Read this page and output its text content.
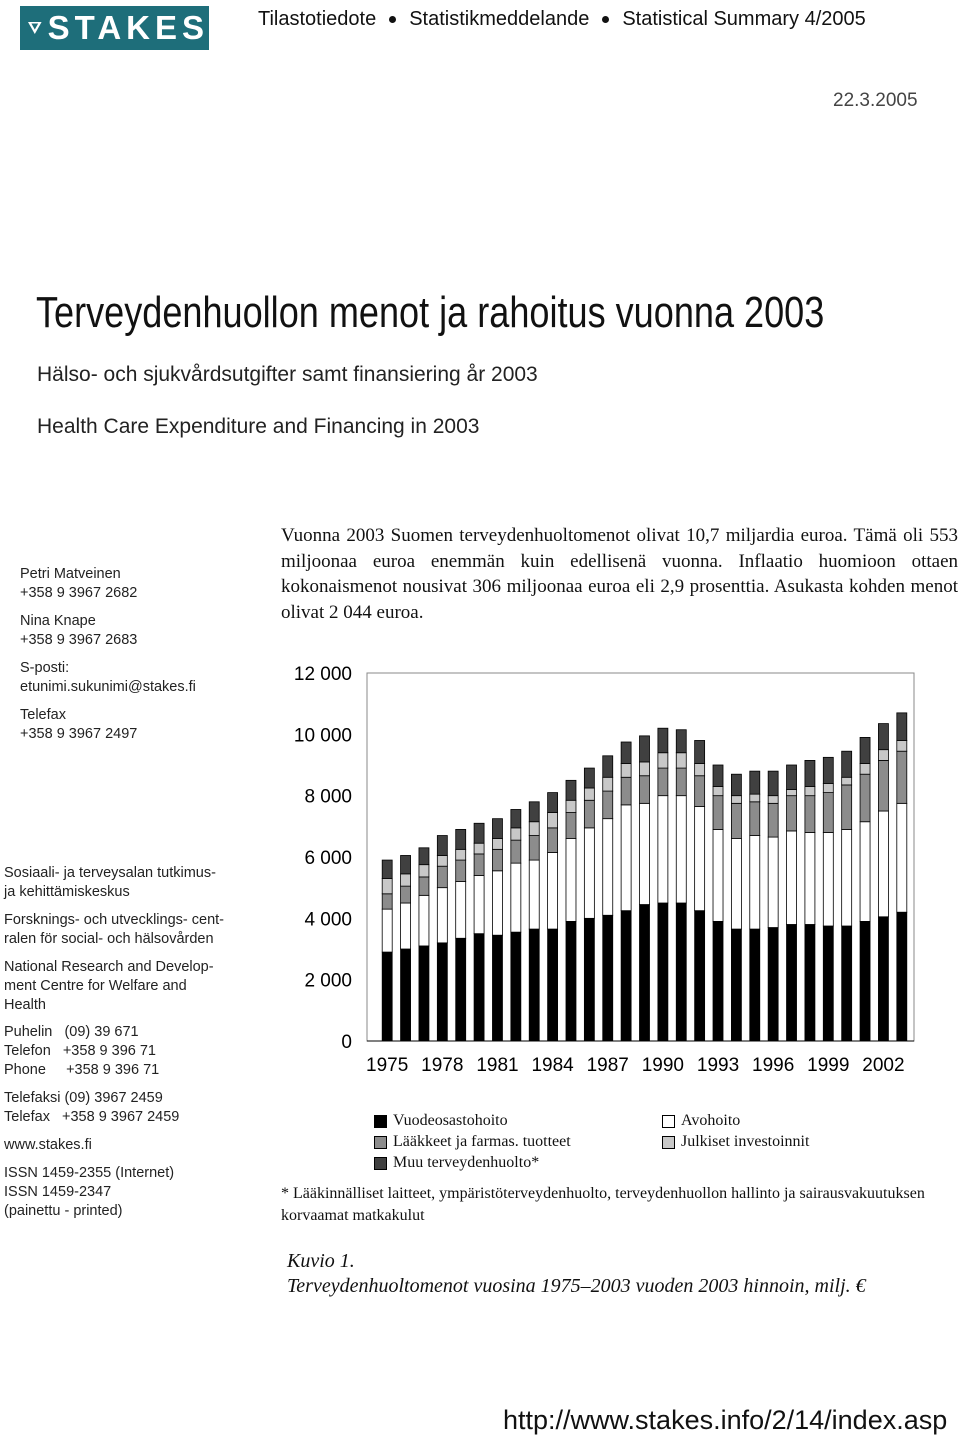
STAKES Tilastotiedote Statistikmeddelande Statistical Summary 4/2005
22.3.2005
Terveydenhuollon menot ja rahoitus vuonna 2003
Hälso- och sjukvårdsutgifter samt finansiering år 2003
Health Care Expenditure and Financing in 2003
Petri Matveinen
+358 9 3967 2682
Nina Knape
+358 9 3967 2683
S-posti:
etunimi.sukunimi@stakes.fi
Telefax
+358 9 3967 2497
Sosiaali- ja terveysalan tutkimus-
ja kehittämiskeskus
Forsknings- och utvecklings- cent-
ralen för social- och hälsovården
National Research and Develop-
ment Centre for Welfare and
Health
Puhelin   (09) 39 671
Telefon   +358 9 396 71
Phone     +358 9 396 71
Telefaksi (09) 3967 2459
Telefax   +358 9 3967 2459
www.stakes.fi
ISSN 1459-2355 (Internet)
ISSN 1459-2347
(painettu - printed)
Vuonna 2003 Suomen terveydenhuoltomenot olivat 10,7 miljardia euroa. Tämä oli 553 miljoonaa euroa enemmän kuin edellisenä vuonna. Inflaatio huomioon ottaen kokonaismenot nousivat 306 miljoonaa euroa eli 2,9 prosenttia. Asukasta kohden menot olivat 2 044 euroa.
0
2 000
4 000
6 000
8 000
10 000
12 000
1975 1978 1981 1984 1987 1990 1993 1996 1999 2002
Vuodeosastohoito	Avohoito
Lääkkeet ja farmas. tuotteet	Julkiset investoinnit
Muu terveydenhuolto*
* Lääkinnälliset laitteet, ympäristöterveydenhuolto, terveydenhuollon hallinto ja sairausvakuutuksen korvaamat matkakulut
Kuvio 1.
Terveydenhuoltomenot vuosina 1975–2003 vuoden 2003 hinnoin, milj. €
http://www.stakes.info/2/14/index.asp
